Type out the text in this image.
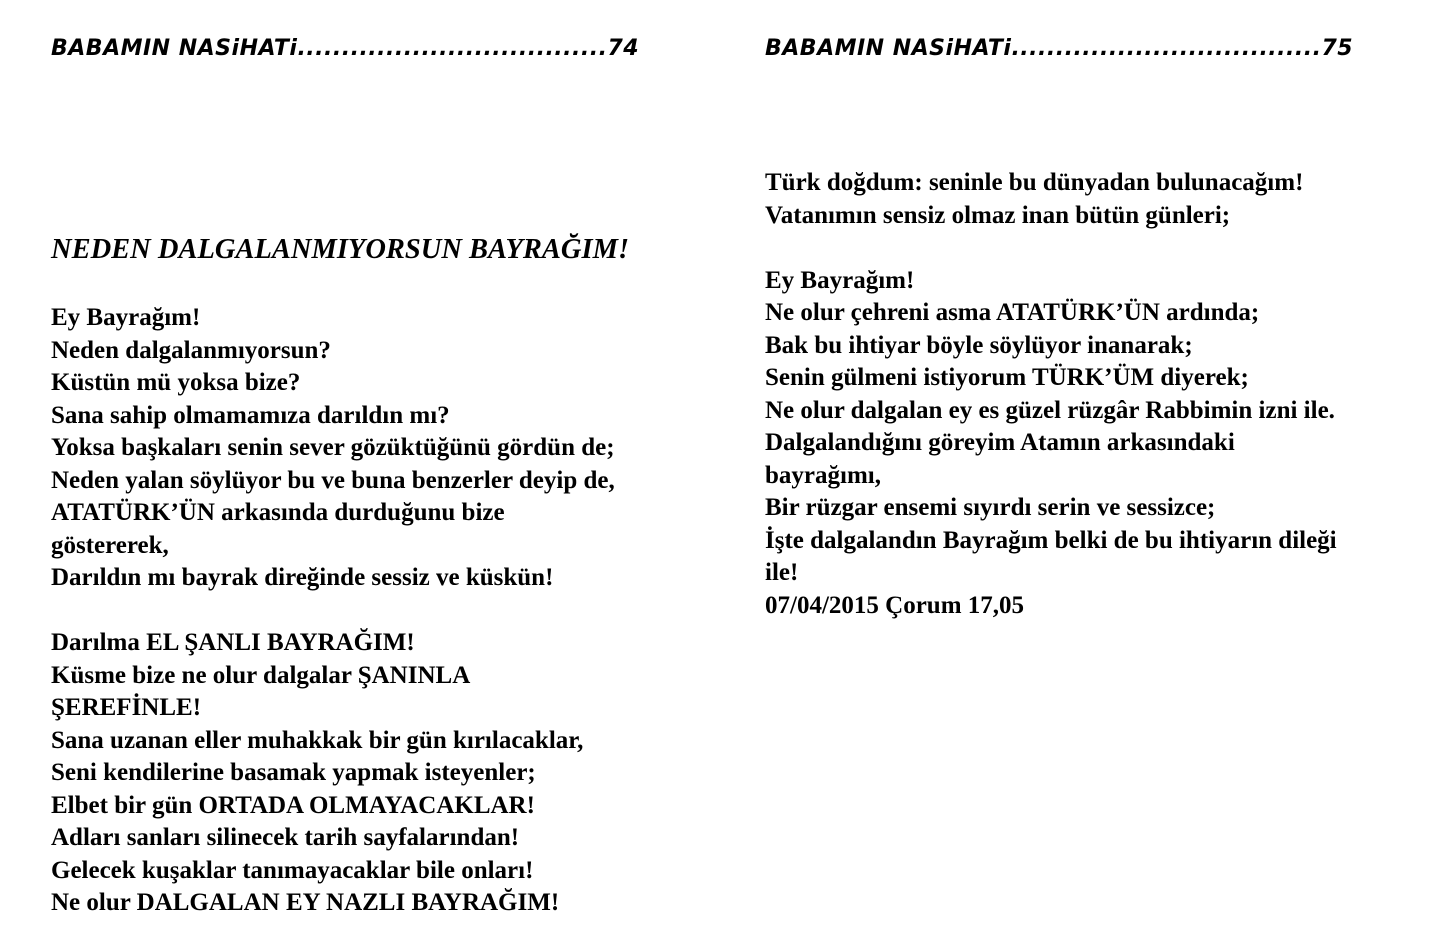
BABAMIN NASiHATi...................................74
NEDEN DALGALANMIYORSUN BAYRAĞIM!

Ey Bayrağım!
Neden dalgalanmıyorsun?
Küstün mü yoksa bize?
Sana sahip olmamamıza darıldın mı?
Yoksa başkaları senin sever gözüktüğünü gördün de;
Neden yalan söylüyor bu ve buna benzerler deyip de,
ATATÜRK’ÜN arkasında durduğunu bize
göstererek,
Darıldın mı bayrak direğinde sessiz ve küskün!

Darılma EL ŞANLI BAYRAĞIM!
Küsme bize ne olur dalgalar ŞANINLA
ŞEREFİNLE!
Sana uzanan eller muhakkak bir gün kırılacaklar,
Seni kendilerine basamak yapmak isteyenler;
Elbet bir gün ORTADA OLMAYACAKLAR!
Adları sanları silinecek tarih sayfalarından!
Gelecek kuşaklar tanımayacaklar bile onları!
Ne olur DALGALAN EY NAZLI BAYRAĞIM!

BABAMIN NASiHATi...................................75

Türk doğdum: seninle bu dünyadan bulunacağım!
Vatanımın sensiz olmaz inan bütün günleri;

Ey Bayrağım!
Ne olur çehreni asma ATATÜRK’ÜN ardında;
Bak bu ihtiyar böyle söylüyor inanarak;
Senin gülmeni istiyorum TÜRK’ÜM diyerek;
Ne olur dalgalan ey es güzel rüzgâr Rabbimin izni ile.
Dalgalandığını göreyim Atamın arkasındaki
bayrağımı,
Bir rüzgar ensemi sıyırdı serin ve sessizce;
İşte dalgalandın Bayrağım belki de bu ihtiyarın dileği
ile!
07/04/2015 Çorum 17,05
